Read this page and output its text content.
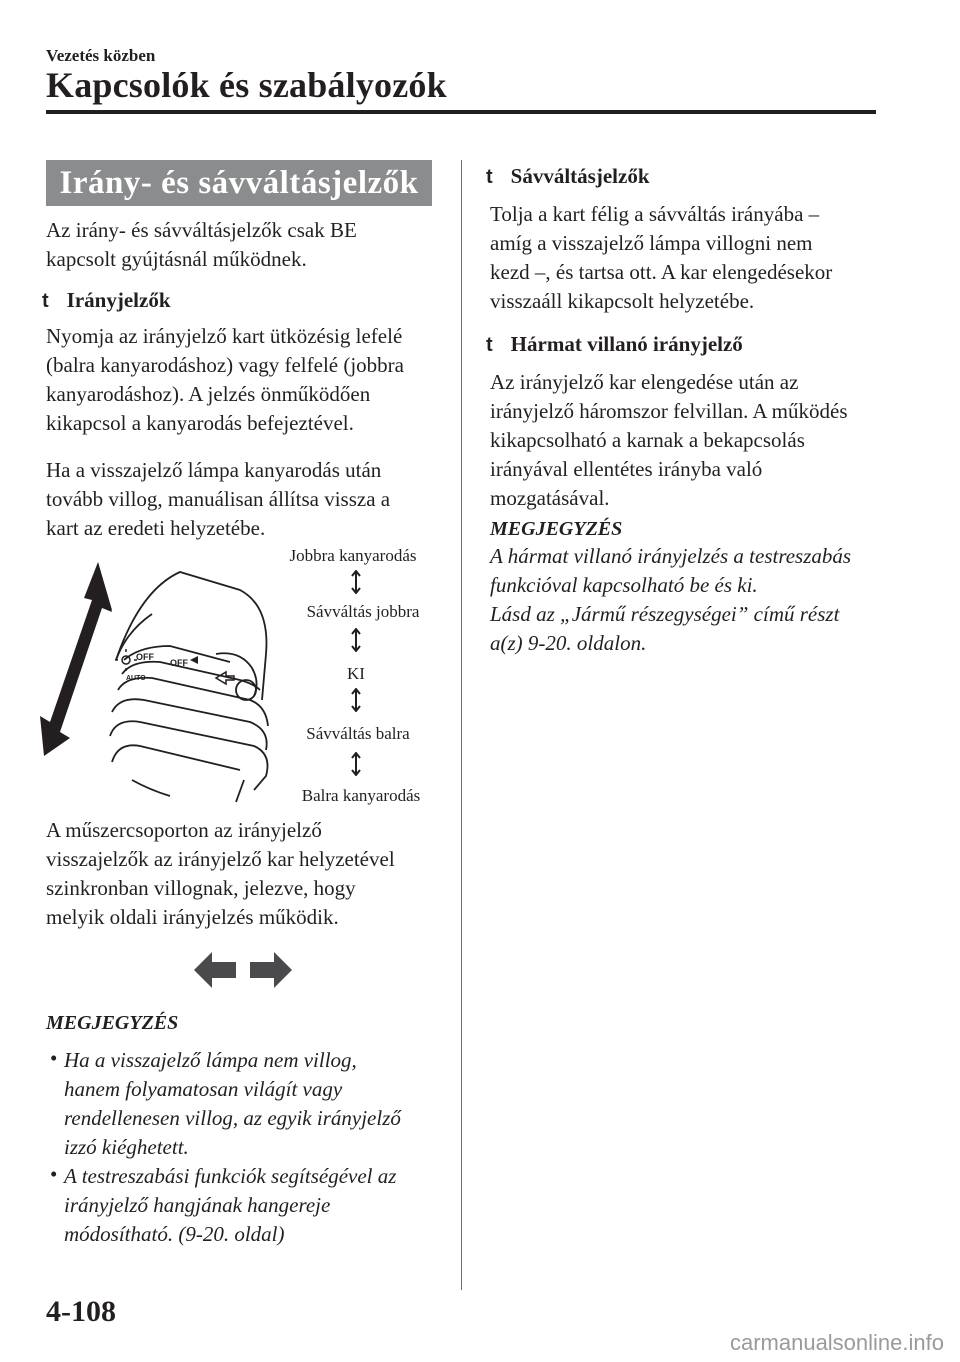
Vezetés közben
Kapcsolók és szabályozók
Irány- és sávváltásjelzők
Az irány- és sávváltásjelzők csak BE
kapcsolt gyújtásnál működnek.
t Irányjelzők
Nyomja az irányjelző kart ütközésig lefelé
(balra kanyarodáshoz) vagy felfelé (jobbra
kanyarodáshoz). A jelzés önműködően
kikapcsol a kanyarodás befejeztével.
Ha a visszajelző lámpa kanyarodás után
tovább villog, manuálisan állítsa vissza a
kart az eredeti helyzetébe.
OFF
OFF
AUTO
Jobbra kanyarodás
Sávváltás jobbra
KI
Sávváltás balra
Balra kanyarodás
A műszercsoporton az irányjelző
visszajelzők az irányjelző kar helyzetével
szinkronban villognak, jelezve, hogy
melyik oldali irányjelzés működik.
MEGJEGYZÉS
• Ha a visszajelző lámpa nem villog,
hanem folyamatosan világít vagy
rendellenesen villog, az egyik irányjelző
izzó kiéghetett.
• A testreszabási funkciók segítségével az
irányjelző hangjának hangereje
módosítható. (9-20. oldal)
t Sávváltásjelzők
Tolja a kart félig a sávváltás irányába –
amíg a visszajelző lámpa villogni nem
kezd –, és tartsa ott. A kar elengedésekor
visszaáll kikapcsolt helyzetébe.
t Hármat villanó irányjelző
Az irányjelző kar elengedése után az
irányjelző háromszor felvillan. A működés
kikapcsolható a karnak a bekapcsolás
irányával ellentétes irányba való
mozgatásával.
MEGJEGYZÉS
A hármat villanó irányjelzés a testreszabás
funkcióval kapcsolható be és ki.
Lásd az „Jármű részegységei” című részt
a(z) 9-20. oldalon.
4-108
carmanualsonline.info
